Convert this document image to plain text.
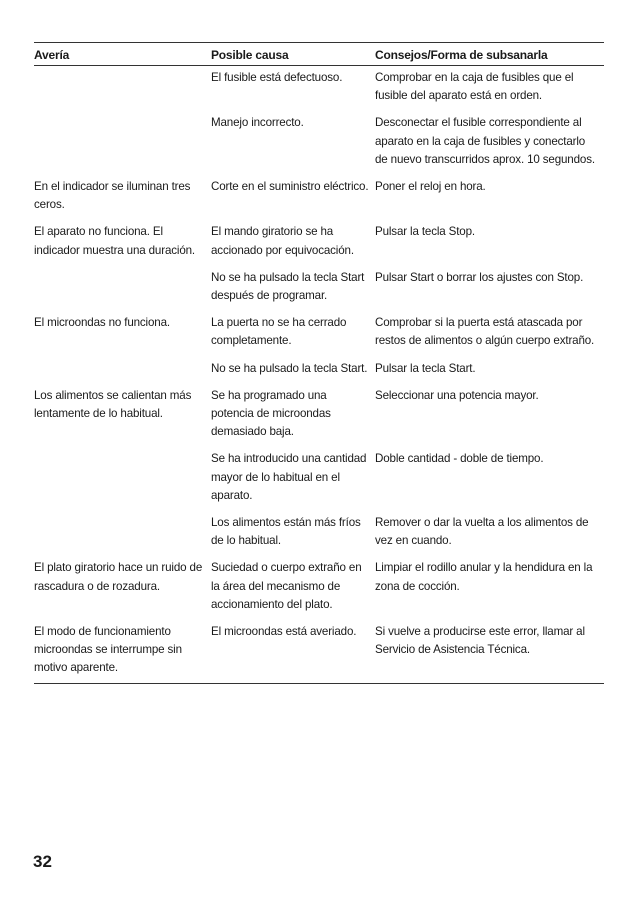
Avería	Posible causa	Consejos/Forma de subsanarla
	El fusible está defectuoso.	Comprobar en la caja de fusibles que el fusible del aparato está en orden.
	Manejo incorrecto.	Desconectar el fusible correspondiente al aparato en la caja de fusibles y conectarlo de nuevo transcurridos aprox. 10 segundos.
En el indicador se iluminan tres ceros.	Corte en el suministro eléctrico.	Poner el reloj en hora.
El aparato no funciona. El indicador muestra una duración.	El mando giratorio se ha accionado por equivocación.	Pulsar la tecla Stop.
	No se ha pulsado la tecla Start después de programar.	Pulsar Start o borrar los ajustes con Stop.
El microondas no funciona.	La puerta no se ha cerrado completamente.	Comprobar si la puerta está atascada por restos de alimentos o algún cuerpo extraño.
	No se ha pulsado la tecla Start.	Pulsar la tecla Start.
Los alimentos se calientan más lentamente de lo habitual.	Se ha programado una potencia de microondas demasiado baja.	Seleccionar una potencia mayor.
	Se ha introducido una cantidad mayor de lo habitual en el aparato.	Doble cantidad - doble de tiempo.
	Los alimentos están más fríos de lo habitual.	Remover o dar la vuelta a los alimentos de vez en cuando.
El plato giratorio hace un ruido de rascadura o de rozadura.	Suciedad o cuerpo extraño en la área del mecanismo de accionamiento del plato.	Limpiar el rodillo anular y la hendidura en la zona de cocción.
El modo de funcionamiento microondas se interrumpe sin motivo aparente.	El microondas está averiado.	Si vuelve a producirse este error, llamar al Servicio de Asistencia Técnica.
32
